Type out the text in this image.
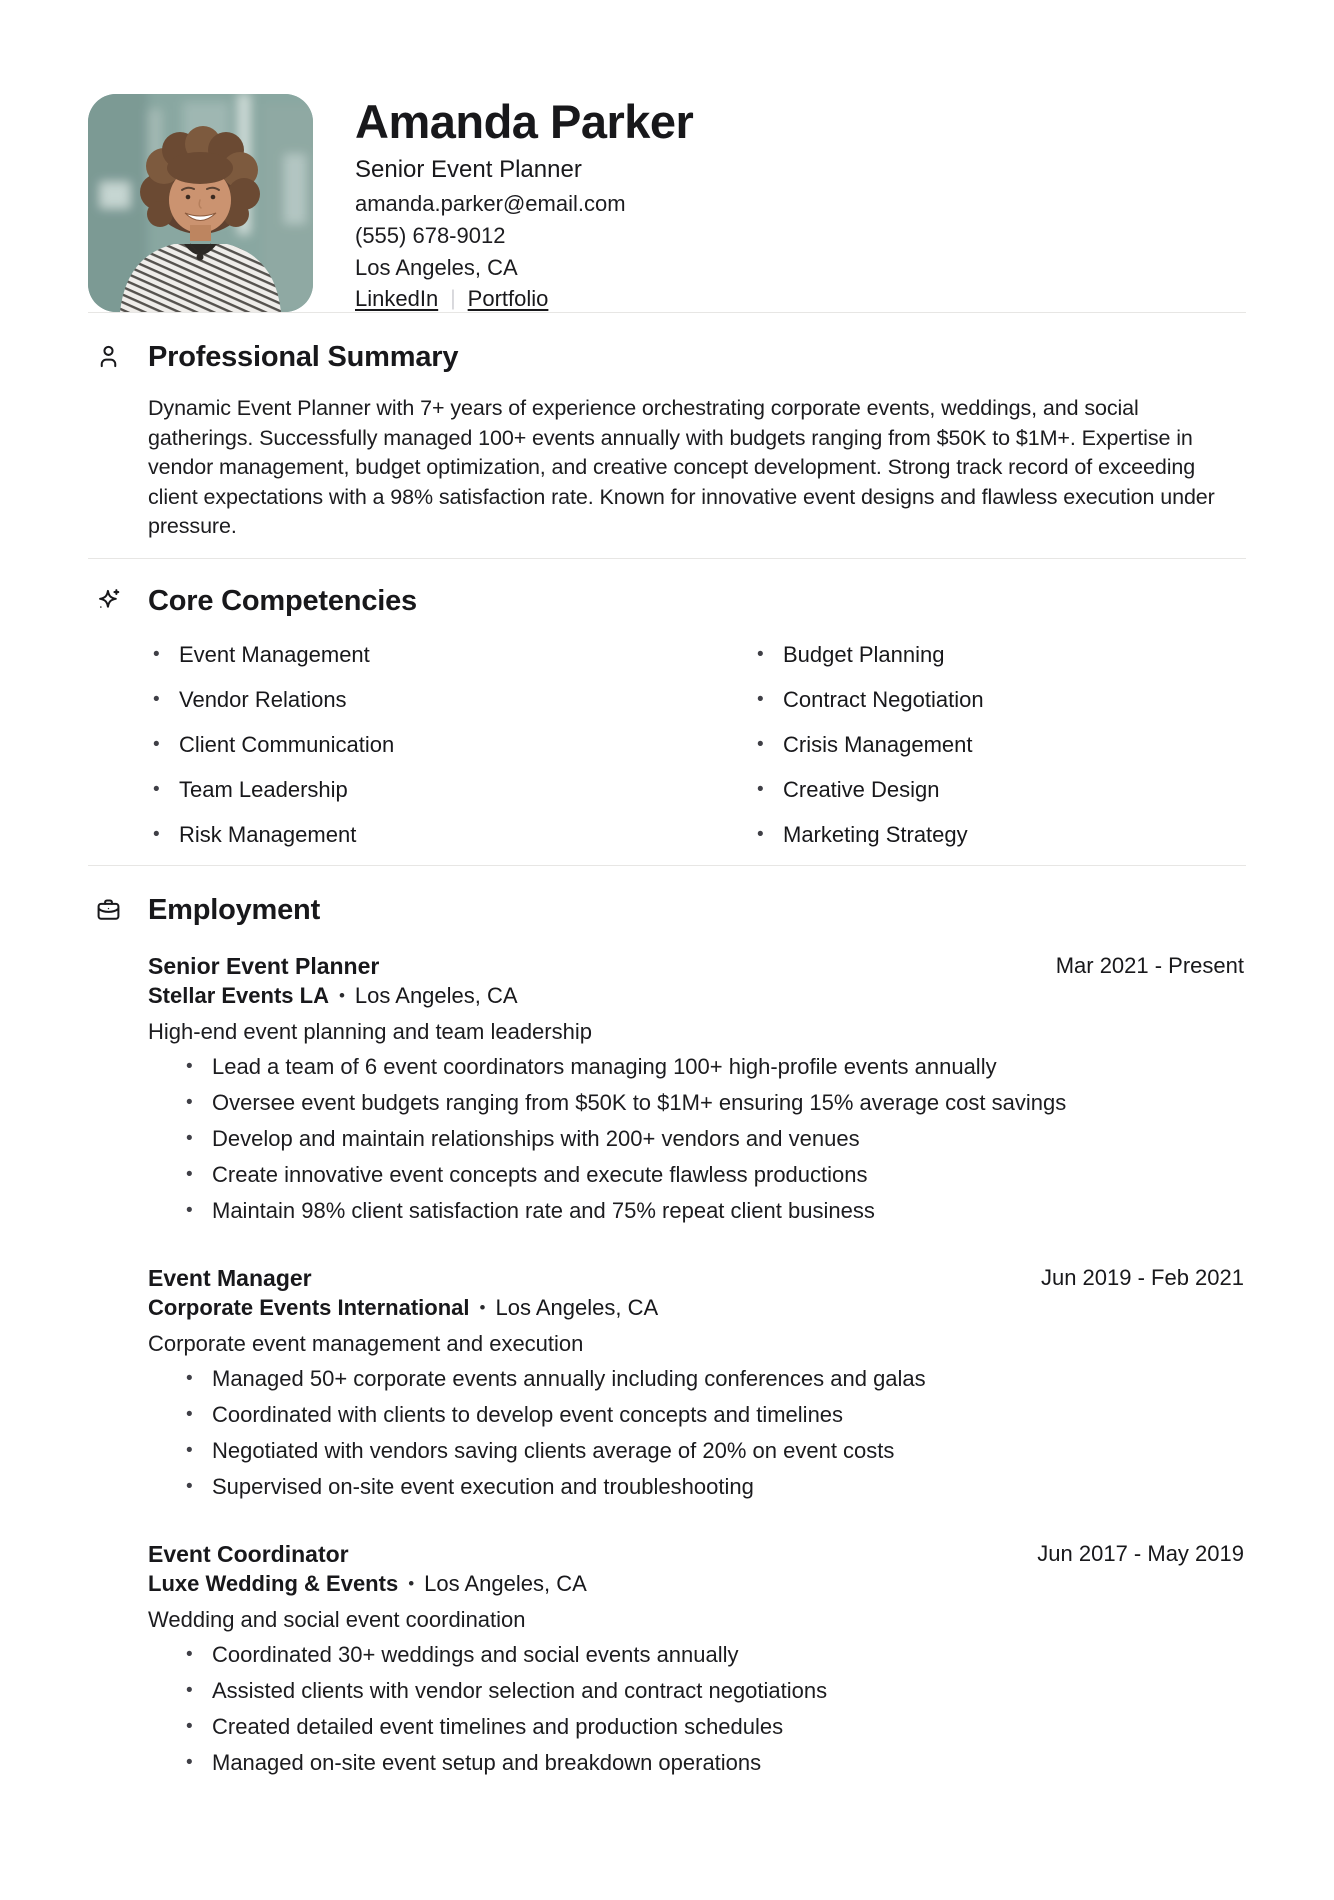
Amanda Parker
Senior Event Planner
amanda.parker@email.com
(555) 678-9012
Los Angeles, CA
LinkedIn | Portfolio
Professional Summary

Dynamic Event Planner with 7+ years of experience orchestrating corporate events, weddings, and social gatherings. Successfully managed 100+ events annually with budgets ranging from $50K to $1M+. Expertise in vendor management, budget optimization, and creative concept development. Strong track record of exceeding client expectations with a 98% satisfaction rate. Known for innovative event designs and flawless execution under pressure.

Core Competencies
• Event Management
• Vendor Relations
• Client Communication
• Team Leadership
• Risk Management
• Budget Planning
• Contract Negotiation
• Crisis Management
• Creative Design
• Marketing Strategy
Employment
Senior Event Planner
Stellar Events LA • Los Angeles, CA
Mar 2021 - Present

High-end event planning and team leadership

• Lead a team of 6 event coordinators managing 100+ high-profile events annually
• Oversee event budgets ranging from $50K to $1M+ ensuring 15% average cost savings
• Develop and maintain relationships with 200+ vendors and venues
• Create innovative event concepts and execute flawless productions
• Maintain 98% client satisfaction rate and 75% repeat client business
Event Manager
Corporate Events International • Los Angeles, CA
Jun 2019 - Feb 2021

Corporate event management and execution

• Managed 50+ corporate events annually including conferences and galas
• Coordinated with clients to develop event concepts and timelines
• Negotiated with vendors saving clients average of 20% on event costs
• Supervised on-site event execution and troubleshooting
Event Coordinator
Luxe Wedding & Events • Los Angeles, CA
Jun 2017 - May 2019

Wedding and social event coordination

• Coordinated 30+ weddings and social events annually
• Assisted clients with vendor selection and contract negotiations
• Created detailed event timelines and production schedules
• Managed on-site event setup and breakdown operations
